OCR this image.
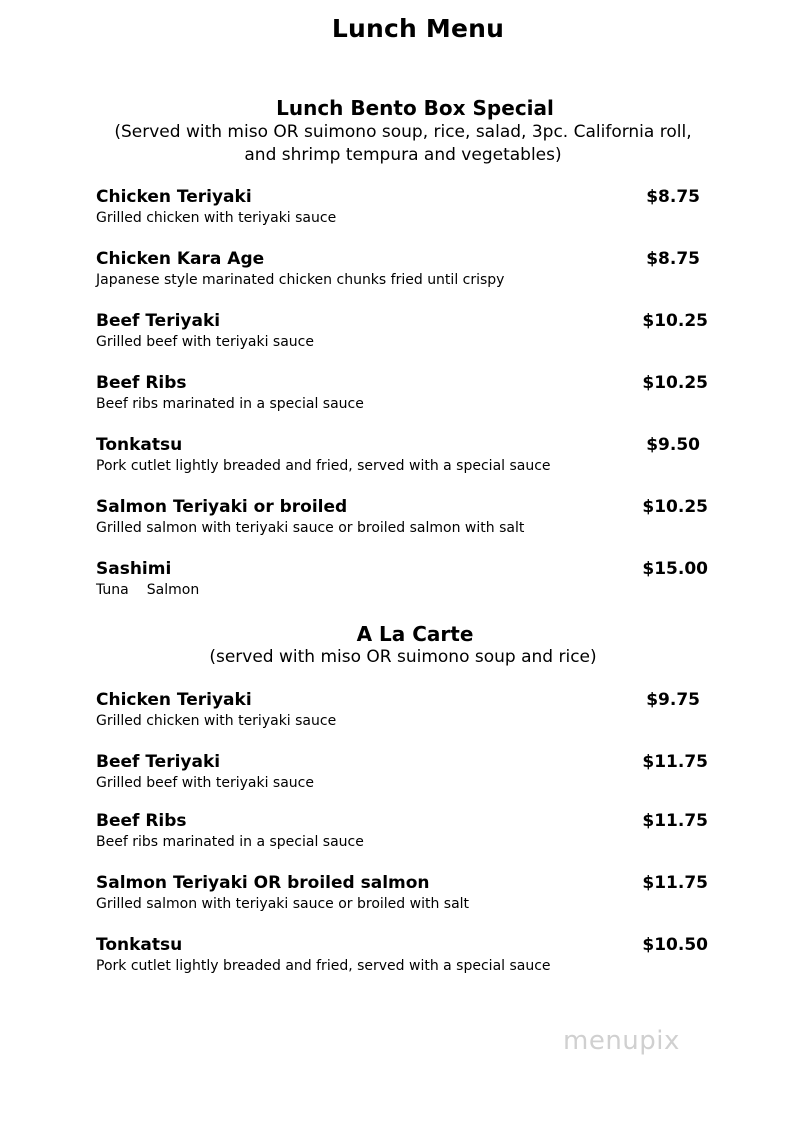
Lunch Menu
Lunch Bento Box Special
(Served with miso OR suimono soup, rice, salad, 3pc. California roll, and shrimp tempura and vegetables)
Chicken Teriyaki
Grilled chicken with teriyaki sauce
$8.75
Chicken Kara Age
Japanese style marinated chicken chunks fried until crispy
$8.75
Beef Teriyaki
Grilled beef with teriyaki sauce
$10.25
Beef Ribs
Beef ribs marinated in a special sauce
$10.25
Tonkatsu
Pork cutlet lightly breaded and fried, served with a special sauce
$9.50
Salmon Teriyaki or broiled
Grilled salmon with teriyaki sauce or broiled salmon with salt
$10.25
Sashimi
Tuna Salmon
$15.00
A La Carte
(served with miso OR suimono soup and rice)
Chicken Teriyaki
Grilled chicken with teriyaki sauce
$9.75
Beef Teriyaki
Grilled beef with teriyaki sauce
$11.75
Beef Ribs
Beef ribs marinated in a special sauce
$11.75
Salmon Teriyaki OR broiled salmon
Grilled salmon with teriyaki sauce or broiled with salt
$11.75
Tonkatsu
Pork cutlet lightly breaded and fried, served with a special sauce
$10.50
menupix
